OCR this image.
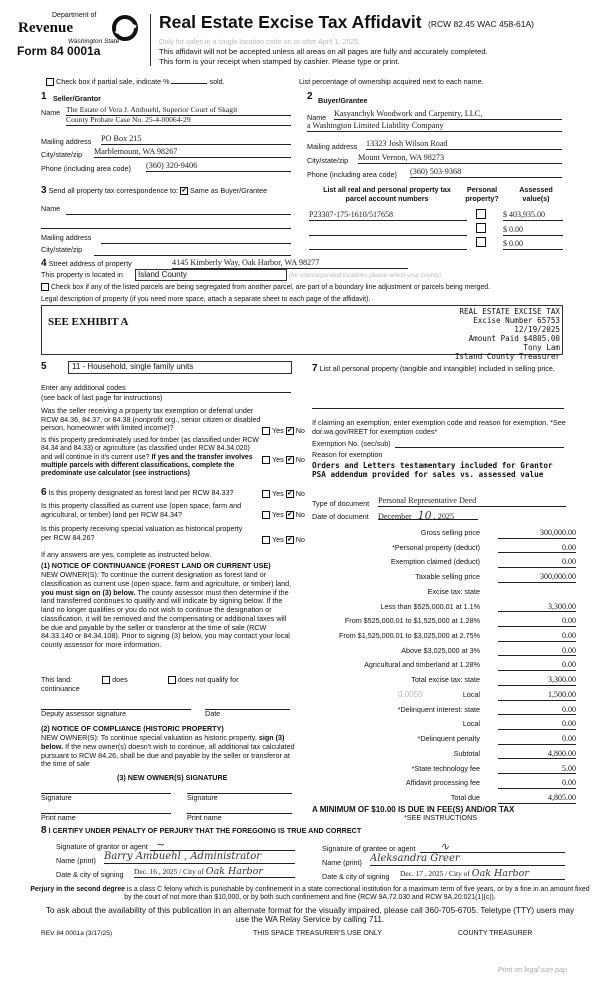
Department of
Revenue
Washington State
Form 84 0001a
Real Estate Excise Tax Affidavit (RCW 82.45 WAC 458-61A)
Only for sales in a single location code on or after April 1, 2025.
This affidavit will not be accepted unless all areas on all pages are fully and accurately completed.
This form is your receipt when stamped by cashier. Please type or print.
Check box if partial sale, indicate %	sold.	List percentage of ownership acquired next to each name.
1 Seller/Grantor
Name The Estate of Vera J. Ambuehl, Superior Court of Skagit
County Probate Case No. 25-4-00064-29
Mailing address PO Box 215
City/state/zip Marblemount, WA 98267
Phone (including area code) (360) 320-9406
2 Buyer/Grantee
Name Kasyanchyk Woodwork and Carpentry, LLC,
a Washington Limited Liability Company
Mailing address 13323 Josh Wilson Road
City/state/zip Mount Vernon, WA 98273
Phone (including area code) (360) 503-9368
3 Send all property tax correspondence to: ✔ Same as Buyer/Grantee
Name
Mailing address
City/state/zip
List all real and personal property tax parcel account numbers
Personal property?
Assessed value(s)
P23307-175-1610/517658	$ 403,935.00
$ 0.00
$ 0.00
4 Street address of property	4145 Kimberly Way, Oak Harbor, WA 98277
This property is located in	Island County	(for unincorporated locations please select your county)
Check box if any of the listed parcels are being segregated from another parcel, are part of a boundary line adjustment or parcels being merged.
Legal description of property (if you need more space, attach a separate sheet to each page of the affidavit).
SEE EXHIBIT A
REAL ESTATE EXCISE TAX
Excise Number 65753
12/19/2025
Amount Paid $4805.00
Tony Lam
Island County Treasurer
5	11 - Household, single family units
Enter any additional codes
(see back of last page for instructions)
Was the seller receiving a property tax exemption or deferral under RCW 84.36, 84.37, or 84.38 (nonprofit org., senior citizen or disabled person, homeowner with limited income)?	Yes ✔ No
Is this property predominately used for timber (as classified under RCW 84.34 and 84.33) or agriculture (as classified under RCW 84.34.020) and will continue in it's current use? If yes and the transfer involves multiple parcels with different classifications, complete the predominate use calculator (see instructions)
Yes ✔ No
6 Is this property designated as forest land per RCW 84.33?	Yes ✔ No
Is this property classified as current use (open space, farm and agricultural, or timber) land per RCW 84.34?	Yes ✔ No
Is this property receiving special valuation as historical property per RCW 84.26?	Yes ✔ No
If any answers are yes, complete as instructed below.
(1) NOTICE OF CONTINUANCE (FOREST LAND OR CURRENT USE)
NEW OWNER(S): To continue the current designation as forest land or classification as current use (open space, farm and agriculture, or timber) land, you must sign on (3) below. The county assessor must then determine if the land transferred continues to qualify and will indicate by signing below. If the land no longer qualifies or you do not wish to continue the designation or classification, it will be removed and the compensating or additional taxes will be due and payable by the seller or transferor at the time of sale (RCW 84.33.140 or 84.34.108). Prior to signing (3) below, you may contact your local county assessor for more information.
This land:	does	does not qualify for
continuance
Deputy assessor signature	Date
(2) NOTICE OF COMPLIANCE (HISTORIC PROPERTY)
NEW OWNER(S): To continue special valuation as historic property, sign (3) below. If the new owner(s) doesn't wish to continue, all additional tax calculated pursuant to RCW 84.26, shall be due and payable by the seller or transferor at the time of sale
(3) NEW OWNER(S) SIGNATURE
Signature	Signature
Print name	Print name
7 List all personal property (tangible and intangible) included in selling price.
If claiming an exemption, enter exemption code and reason for exemption. *See dor.wa.gov/REET for exemption codes*
Exemption No. (sec/sub)
Reason for exemption
Orders and Letters testamentary included for Grantor PSA addendum provided for sales vs. assessed value
Type of document Personal Representative Deed
Date of document December 10 , 2025
Gross selling price	300,000.00
*Personal property (deduct)	0.00
Exemption claimed (deduct)	0.00
Taxable selling price	300,000.00
Excise tax: state
Less than $525,000.01 at 1.1%	3,300.00
From $525,000.01 to $1,525,000 at 1.28%	0.00
From $1,525,000.01 to $3,025,000 at 2.75%	0.00
Above $3,025,000 at 3%	0.00
Agricultural and timberland at 1.28%	0.00
Total excise tax: state	3,300.00
Local	1,500.00
*Delinquent interest: state	0.00
Local	0.00
*Delinquent penalty	0.00
Subtotal	4,800.00
*State technology fee	5.00
Affidavit processing fee	0.00
Total due	4,805.00
0.0050
A MINIMUM OF $10.00 IS DUE IN FEE(S) AND/OR TAX
*SEE INSTRUCTIONS
8 I CERTIFY UNDER PENALTY OF PERJURY THAT THE FOREGOING IS TRUE AND CORRECT
Signature of grantor or agent ∼
Name (print) Barry Ambuehl , Administrator
Date & city of signing Dec. 16 , 2025 / City of Oak Harbor
Signature of grantee or agent	∿
Name (print) Aleksandra Greer
Date & city of signing Dec. 17 , 2025 / City of Oak Harbor
Perjury in the second degree is a class C felony which is punishable by confinement in a state correctional institution for a maximum term of five years, or by a fine in an amount fixed by the court of not more than $10,000, or by both such confinement and fine (RCW 9A.72.030 and RCW 9A.20.021(1)(c)).
To ask about the availability of this publication in an alternate format for the visually impaired, please call 360-705-6705. Teletype (TTY) users may use the WA Relay Service by calling 711.
REV 84 0001a (3/17/25)	THIS SPACE TREASURER'S USE ONLY	COUNTY TREASURER
Print on legal size pap
